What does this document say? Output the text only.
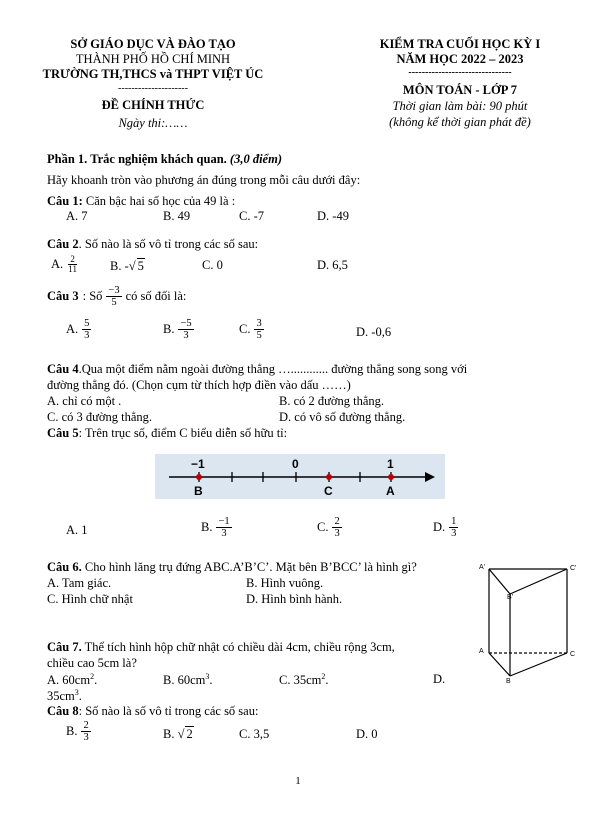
SỞ GIÁO DỤC VÀ ĐÀO TẠO
THÀNH PHỐ HỒ CHÍ MINH
TRƯỜNG TH,THCS và THPT VIỆT ÚC
---------------------
ĐỀ CHÍNH THỨC
Ngày thi:……
KIỂM TRA CUỐI HỌC KỲ I
NĂM HỌC 2022 – 2023
-------------------------------
MÔN TOÁN - LỚP 7
Thời gian làm bài: 90 phút
(không kể thời gian phát đề)
Phần 1. Trắc nghiệm khách quan. (3,0 điểm)
Hãy khoanh tròn vào phương án đúng trong mỗi câu dưới đây:
Câu 1: Căn bậc hai số học của 49 là :
A. 7	B. 49	C. -7	D. -49
Câu 2. Số nào là số vô tỉ trong các số sau:
A. $\frac{2}{11} B$. -√ 5	C. 0	D. 6,5
Câu 3 : Số $\frac{-3}{5}$ có số đối là:
A. $\frac{5}{3}$	B. $\frac{-5}{3}$	C. $\frac{3}{5}$	D. -0,6
Câu 4.Qua một điểm nằm ngoài đường thẳng …............ đường thẳng song song với
đường thẳng đó. (Chọn cụm từ thích hợp điền vào dấu ……)
A. chỉ có một .	B. có 2 đường thẳng.
C. có 3 đường thẳng.	D. có vô số đường thẳng.
Câu 5: Trên trục số, điểm C biểu diễn số hữu tỉ:
−1	0	1
B	C	A
A. 1	B. $\frac{-1}{3}$	C. $\frac{2}{3}$	D. $\frac{1}{3}$
Câu 6. Cho hình lăng trụ đứng ABC.A’B’C’. Mặt bên B’BCC’ là hình gì?
A. Tam giác.	B. Hình vuông.
C. Hình chữ nhật	D. Hình bình hành.
A'	C'
B'
A	C
B
Câu 7. Thể tích hình hộp chữ nhật có chiều dài 4cm, chiều rộng 3cm,
chiều cao 5cm là?
A. $60cm^2$.	B. $60cm^3$.	C. $35cm^2$.	D.
$35cm^3$.
Câu 8: Số nào là số vô tỉ trong các số sau:
B. $\frac{2}{3}$	B. √ 2	C. 3,5	D. 0
1
